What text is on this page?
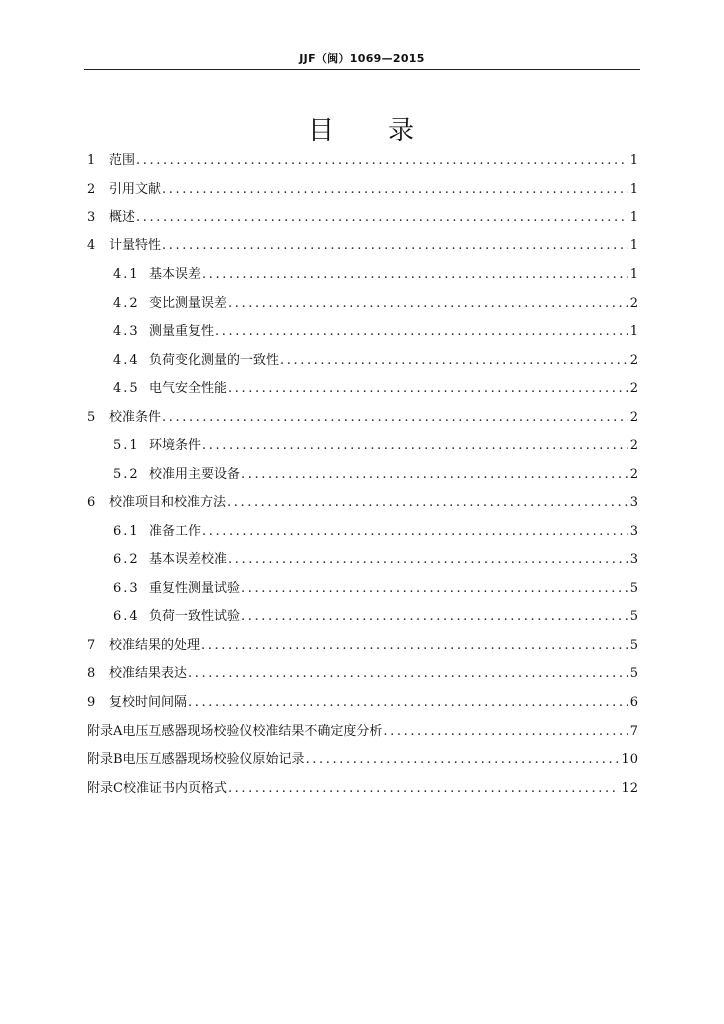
JJF（闽）1069—2015
目 录
1	范围 .....	1
2	引用文献 .....	1
3	概述 .....	1
4	计量特性 .....	1
4.1 基本误差 .....	1
4.2 变比测量误差 .....	2
4.3 测量重复性 .....	1
4.4 负荷变化测量的一致性 .....	2
4.5 电气安全性能 .....	2
5	校准条件 .....	2
5.1 环境条件 .....	2
5.2 校准用主要设备 .....	2
6	校准项目和校准方法 .....	3
6.1 准备工作 .....	3
6.2 基本误差校准 .....	3
6.3 重复性测量试验 .....	5
6.4 负荷一致性试验 .....	5
7	校准结果的处理 .....	5
8	校准结果表达 .....	5
9	复校时间间隔 .....	6
附录A电压互感器现场校验仪校准结果不确定度分析 .....	7
附录B电压互感器现场校验仪原始记录 .....	10
附录C校准证书内页格式 .....	12
